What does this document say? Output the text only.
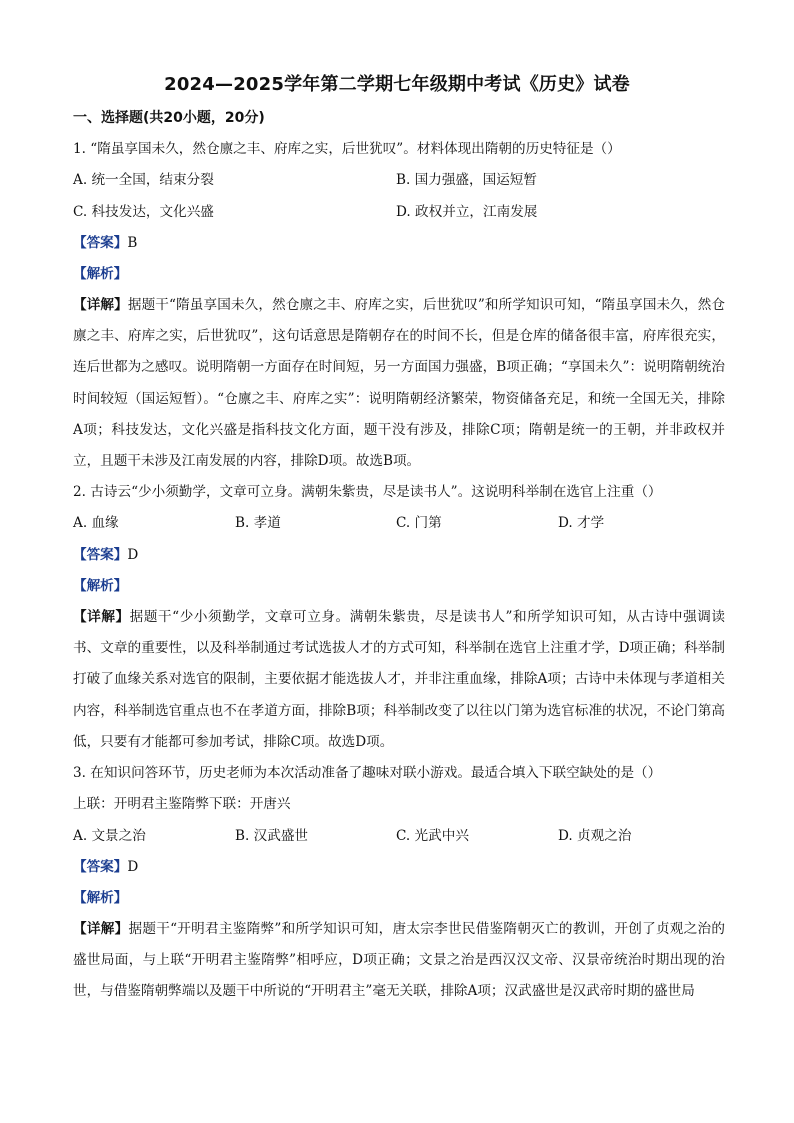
2024—2025学年第二学期七年级期中考试《历史》试卷
一、选择题(共20小题，20分)
1. “隋虽享国未久，然仓廪之丰、府库之实，后世犹叹”。材料体现出隋朝的历史特征是（）
A. 统一全国，结束分裂	B. 国力强盛，国运短暂
C. 科技发达，文化兴盛	D. 政权并立，江南发展
【答案】B
【解析】
【详解】据题干“隋虽享国未久，然仓廪之丰、府库之实，后世犹叹”和所学知识可知，“隋虽享国未久，然仓廪之丰、府库之实，后世犹叹”，这句话意思是隋朝存在的时间不长，但是仓库的储备很丰富，府库很充实，连后世都为之感叹。说明隋朝一方面存在时间短，另一方面国力强盛，B项正确；“享国未久”：说明隋朝统治时间较短（国运短暂）。“仓廪之丰、府库之实”：说明隋朝经济繁荣，物资储备充足，和统一全国无关，排除A项；科技发达，文化兴盛是指科技文化方面，题干没有涉及，排除C项；隋朝是统一的王朝，并非政权并立，且题干未涉及江南发展的内容，排除D项。故选B项。
2. 古诗云“少小须勤学，文章可立身。满朝朱紫贵，尽是读书人”。这说明科举制在选官上注重（）
A. 血缘	B. 孝道	C. 门第	D. 才学
【答案】D
【解析】
【详解】据题干“少小须勤学，文章可立身。满朝朱紫贵，尽是读书人”和所学知识可知，从古诗中强调读书、文章的重要性，以及科举制通过考试选拔人才的方式可知，科举制在选官上注重才学，D项正确；科举制打破了血缘关系对选官的限制，主要依据才能选拔人才，并非注重血缘，排除A项；古诗中未体现与孝道相关内容，科举制选官重点也不在孝道方面，排除B项；科举制改变了以往以门第为选官标准的状况，不论门第高低，只要有才能都可参加考试，排除C项。故选D项。
3. 在知识问答环节，历史老师为本次活动准备了趣味对联小游戏。最适合填入下联空缺处的是（）
上联：开明君主鉴隋弊下联：开唐兴
A. 文景之治	B. 汉武盛世	C. 光武中兴	D. 贞观之治
【答案】D
【解析】
【详解】据题干“开明君主鉴隋弊”和所学知识可知，唐太宗李世民借鉴隋朝灭亡的教训，开创了贞观之治的盛世局面，与上联“开明君主鉴隋弊”相呼应，D项正确；文景之治是西汉汉文帝、汉景帝统治时期出现的治世，与借鉴隋朝弊端以及题干中所说的“开明君主”毫无关联，排除A项；汉武盛世是汉武帝时期的盛世局
